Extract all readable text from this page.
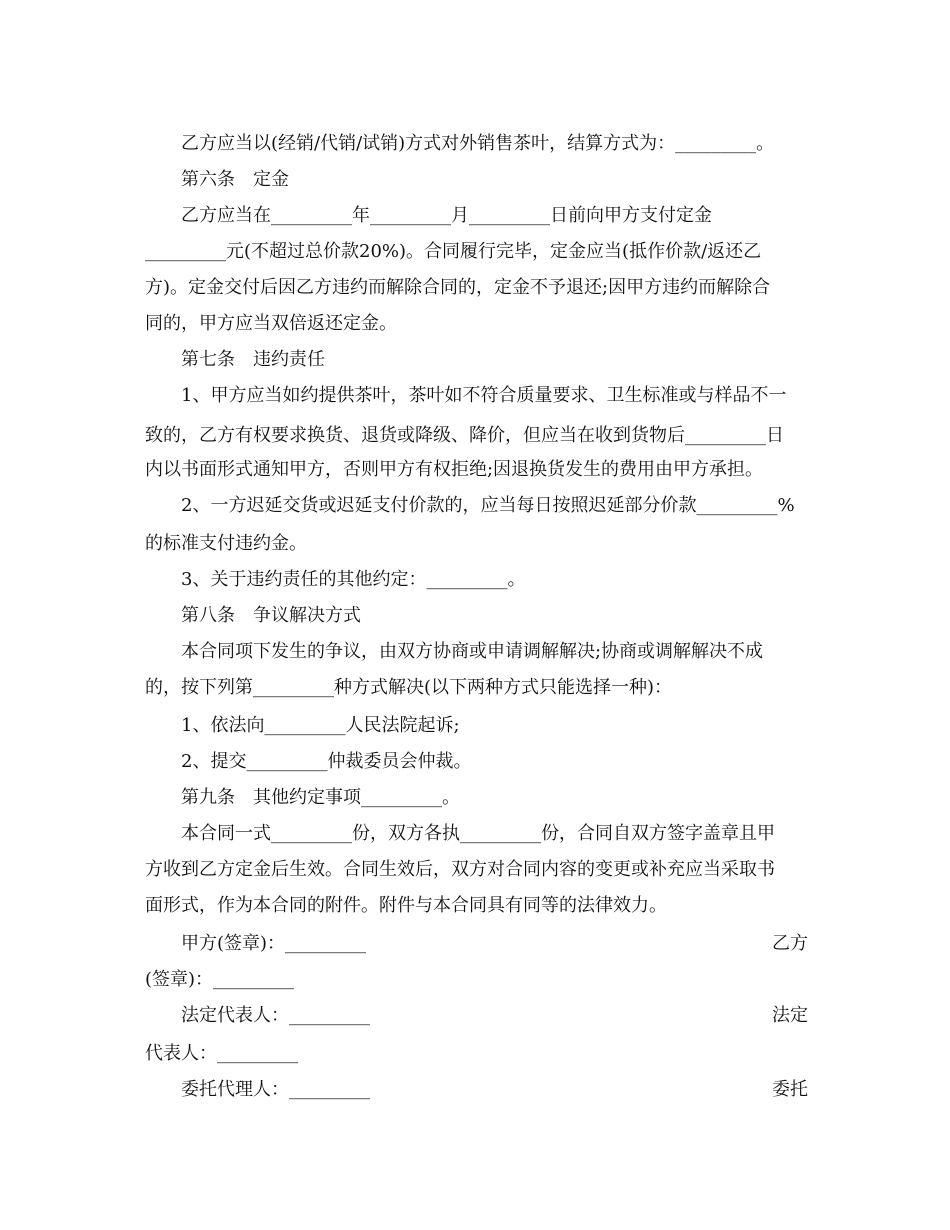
乙方应当以(经销/代销/试销)方式对外销售茶叶，结算方式为：_________。
第六条　定金
乙方应当在_________年_________月_________日前向甲方支付定金
_________元(不超过总价款20%)。合同履行完毕，定金应当(抵作价款/返还乙
方)。定金交付后因乙方违约而解除合同的，定金不予退还;因甲方违约而解除合
同的，甲方应当双倍返还定金。
第七条　违约责任
1、甲方应当如约提供茶叶，茶叶如不符合质量要求、卫生标准或与样品不一
致的，乙方有权要求换货、退货或降级、降价，但应当在收到货物后_________日
内以书面形式通知甲方，否则甲方有权拒绝;因退换货发生的费用由甲方承担。
2、一方迟延交货或迟延支付价款的，应当每日按照迟延部分价款_________%
的标准支付违约金。
3、关于违约责任的其他约定：_________。
第八条　争议解决方式
本合同项下发生的争议，由双方协商或申请调解解决;协商或调解解决不成
的，按下列第_________种方式解决(以下两种方式只能选择一种)：
1、依法向_________人民法院起诉;
2、提交_________仲裁委员会仲裁。
第九条　其他约定事项_________。
本合同一式_________份，双方各执_________份，合同自双方签字盖章且甲
方收到乙方定金后生效。合同生效后，双方对合同内容的变更或补充应当采取书
面形式，作为本合同的附件。附件与本合同具有同等的法律效力。
甲方(签章)：_________	乙方
(签章)：_________
法定代表人：_________	法定
代表人：_________
委托代理人：_________	委托
